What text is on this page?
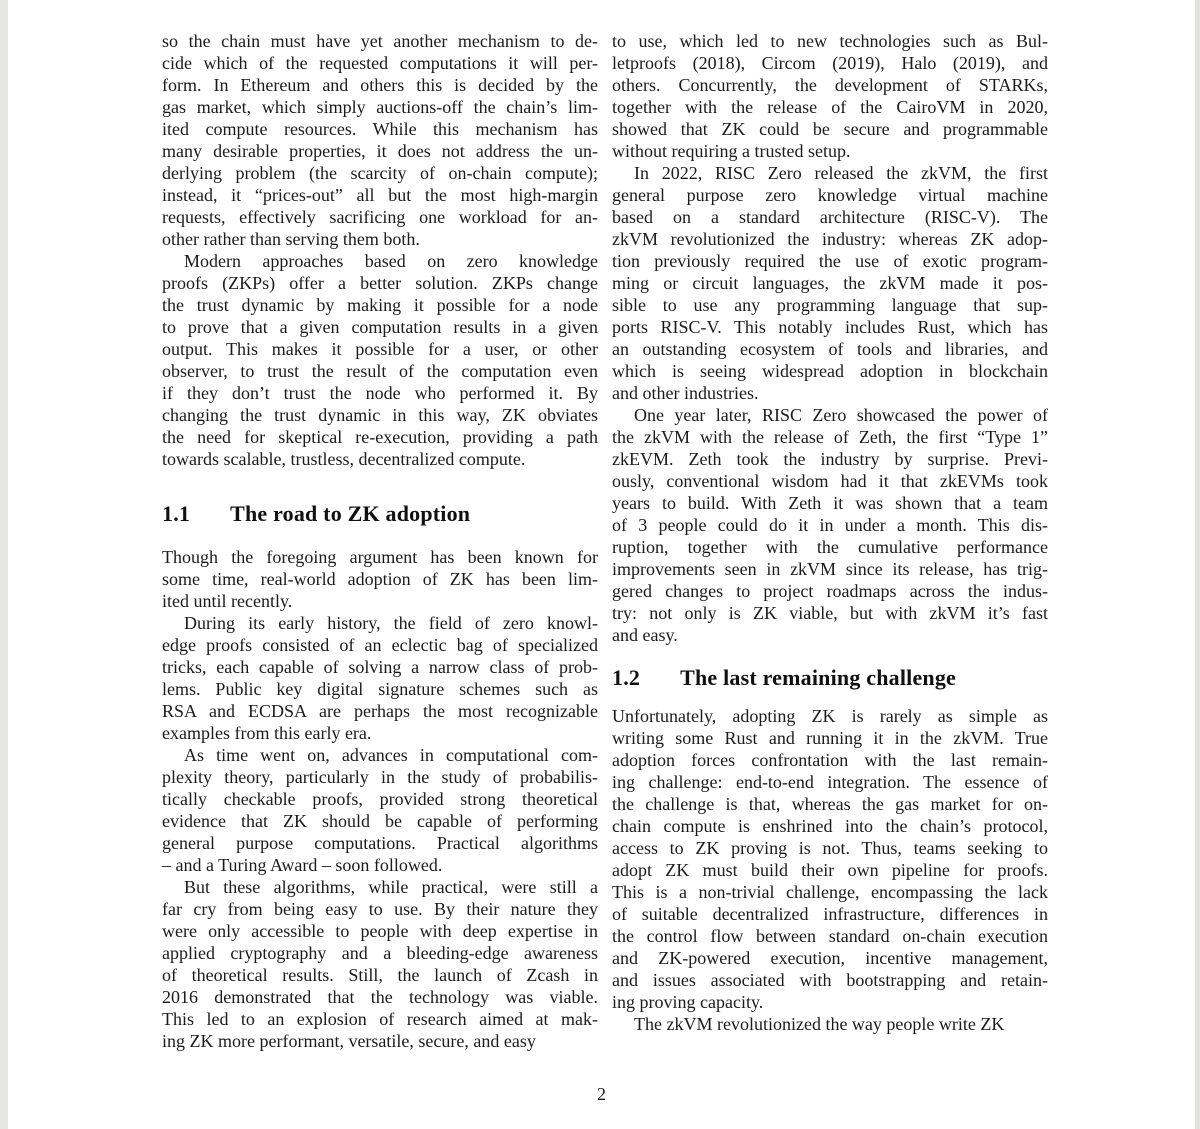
so the chain must have yet another mechanism to de-
cide which of the requested computations it will per-
form. In Ethereum and others this is decided by the
gas market, which simply auctions-off the chain’s lim-
ited compute resources. While this mechanism has
many desirable properties, it does not address the un-
derlying problem (the scarcity of on-chain compute);
instead, it “prices-out” all but the most high-margin
requests, effectively sacrificing one workload for an-
other rather than serving them both.
Modern approaches based on zero knowledge
proofs (ZKPs) offer a better solution. ZKPs change
the trust dynamic by making it possible for a node
to prove that a given computation results in a given
output. This makes it possible for a user, or other
observer, to trust the result of the computation even
if they don’t trust the node who performed it. By
changing the trust dynamic in this way, ZK obviates
the need for skeptical re-execution, providing a path
towards scalable, trustless, decentralized compute.
1.1 The road to ZK adoption
Though the foregoing argument has been known for
some time, real-world adoption of ZK has been lim-
ited until recently.
During its early history, the field of zero knowl-
edge proofs consisted of an eclectic bag of specialized
tricks, each capable of solving a narrow class of prob-
lems. Public key digital signature schemes such as
RSA and ECDSA are perhaps the most recognizable
examples from this early era.
As time went on, advances in computational com-
plexity theory, particularly in the study of probabilis-
tically checkable proofs, provided strong theoretical
evidence that ZK should be capable of performing
general purpose computations. Practical algorithms
– and a Turing Award – soon followed.
But these algorithms, while practical, were still a
far cry from being easy to use. By their nature they
were only accessible to people with deep expertise in
applied cryptography and a bleeding-edge awareness
of theoretical results. Still, the launch of Zcash in
2016 demonstrated that the technology was viable.
This led to an explosion of research aimed at mak-
ing ZK more performant, versatile, secure, and easy
to use, which led to new technologies such as Bul-
letproofs (2018), Circom (2019), Halo (2019), and
others. Concurrently, the development of STARKs,
together with the release of the CairoVM in 2020,
showed that ZK could be secure and programmable
without requiring a trusted setup.
In 2022, RISC Zero released the zkVM, the first
general purpose zero knowledge virtual machine
based on a standard architecture (RISC-V). The
zkVM revolutionized the industry: whereas ZK adop-
tion previously required the use of exotic program-
ming or circuit languages, the zkVM made it pos-
sible to use any programming language that sup-
ports RISC-V. This notably includes Rust, which has
an outstanding ecosystem of tools and libraries, and
which is seeing widespread adoption in blockchain
and other industries.
One year later, RISC Zero showcased the power of
the zkVM with the release of Zeth, the first “Type 1”
zkEVM. Zeth took the industry by surprise. Previ-
ously, conventional wisdom had it that zkEVMs took
years to build. With Zeth it was shown that a team
of 3 people could do it in under a month. This dis-
ruption, together with the cumulative performance
improvements seen in zkVM since its release, has trig-
gered changes to project roadmaps across the indus-
try: not only is ZK viable, but with zkVM it’s fast
and easy.
1.2 The last remaining challenge
Unfortunately, adopting ZK is rarely as simple as
writing some Rust and running it in the zkVM. True
adoption forces confrontation with the last remain-
ing challenge: end-to-end integration. The essence of
the challenge is that, whereas the gas market for on-
chain compute is enshrined into the chain’s protocol,
access to ZK proving is not. Thus, teams seeking to
adopt ZK must build their own pipeline for proofs.
This is a non-trivial challenge, encompassing the lack
of suitable decentralized infrastructure, differences in
the control flow between standard on-chain execution
and ZK-powered execution, incentive management,
and issues associated with bootstrapping and retain-
ing proving capacity.
The zkVM revolutionized the way people write ZK
2
